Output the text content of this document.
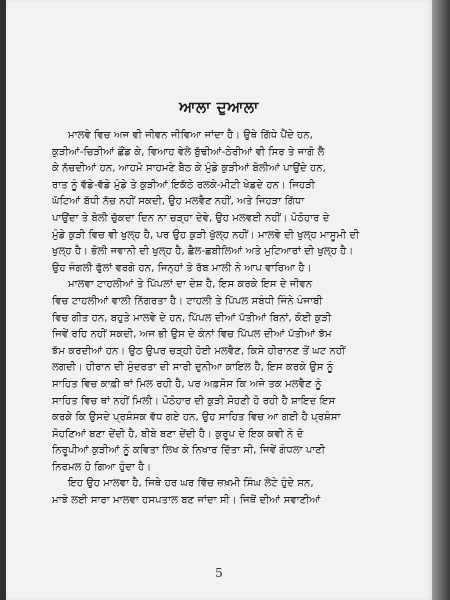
ਆਲਾ ਦੁਆਲਾ

ਮਾਲਵੇ ਵਿਚ ਅਜ ਵੀ ਜੀਵਨ ਜੀਵਿਆ ਜਾਂਦਾ ਹੈ। ਉਥੇ ਗਿੱਧੇ ਪੈਂਦੇ ਹਨ,
ਕੁੜੀਆਂ-ਚਿੜੀਆਂ ਛੌਂਡ ਕੇ, ਵਿਆਹ ਵੇਲੇ ਬੁੱਢੀਆਂ-ਠੇਰੀਆਂ ਵੀ ਸਿਰ ਤੇ ਜਾਗੋ ਲੈ
ਕੇ ਨੱਚਦੀਆਂ ਹਨ, ਆਹਮੋ ਸਾਹਮਣੇ ਬੈਠ ਕੇ ਮੁੰਡੇ ਕੁੜੀਆਂ ਬੋਲੀਆਂ ਪਾਉਂਦੇ ਹਨ,
ਰਾਤ ਨੂੰ ਵੱਡੇ-ਵੱਡੇ ਮੁੰਡੇ ਤੇ ਕੁੜੀਆਂ ਇਕੱਠੇ ਰਲਕੇ-ਮੀਟੀ ਖੇਡਦੇ ਹਨ। ਜਿਹੜੀ
ਘੱਟਿਆਂ ਬੱਧੀ ਨੱਚ ਨਹੀਂ ਸਕਦੀ, ਉਹ ਮਲਵੈਣ ਨਹੀਂ, ਅਤੇ ਜਿਹੜਾ ਗਿੱਧਾ
ਪਾਉਂਦਾ ਤੇ ਬੋਲੀ ਚੁੱਕਦਾ ਦਿਨ ਨਾ ਚੜ੍ਹਾ ਦੇਵੇ, ਉਹ ਮਲਵਈ ਨਹੀਂ। ਪੋਠੋਹਾਰ ਦੇ
ਮੁੰਡੇ ਕੁੜੀ ਵਿਚ ਵੀ ਖੁਲ੍ਹ ਹੈ, ਪਰ ਉਹ ਕੁੜੀ ਖੁੱਲ੍ਹ ਨਹੀਂ। ਮਾਲਵੇ ਦੀ ਖੁਲ੍ਹ ਮਾਸੂਮੀ ਦੀ
ਖੁਲ੍ਹ ਹੈ। ਭੋਲੀ ਜਵਾਨੀ ਦੀ ਖੁਲ੍ਹ ਹੈ, ਛੈਲ-ਛਬੀਲਿਆਂ ਅਤੇ ਮੁਟਿਆਰਾਂ ਦੀ ਖੁਲ੍ਹ ਹੈ।
ਉਹ ਜੰਗਲੀ ਫੁੱਲਾਂ ਵਰਗੇ ਹਨ, ਜਿਨ੍ਹਾਂ ਤੇ ਰੱਬ ਮਾਲੀ ਨੇ ਆਪ ਵਾਰਿਆ ਹੈ।

ਮਾਲਵਾ ਟਾਹਲੀਆਂ ਤੇ ਪਿੱਪਲਾਂ ਦਾ ਦੇਸ਼ ਹੈ, ਇਸ ਕਰਕੇ ਇਸ ਦੇ ਜੀਵਨ
ਵਿਚ ਟਾਹਲੀਆਂ ਵਾਲੀ ਨਿੱਗਰਤਾ ਹੈ। ਟਾਹਲੀ ਤੇ ਪਿੱਪਲ ਸਬੰਧੀ ਜਿੰਨੇ ਪੰਜਾਬੀ
ਵਿਚ ਗੀਤ ਹਨ, ਬਹੁਤੇ ਮਾਲਵੇ ਦੇ ਹਨ, ਪਿੱਪਲ ਦੀਆਂ ਪੱਤੀਆਂ ਬਿਨਾਂ, ਕੋਈ ਕੁੜੀ
ਜਿਵੇਂ ਰਹਿ ਨਹੀਂ ਸਕਦੀ, ਅਜ ਭੀ ਉਸ ਦੇ ਕੰਨਾਂ ਵਿਚ ਪਿੱਪਲ ਦੀਆਂ ਪੱਤੀਆਂ ਝੱਮ
ਝੱਮ ਕਰਦੀਆਂ ਹਨ। ਉਠ ਉਪਰ ਚੜ੍ਹੀ ਹੋਈ ਮਲਵੈਣ, ਕਿਸੇ ਹੀਰਾਨਣ ਤੋਂ ਘਟ ਨਹੀਂ
ਲਗਦੀ। ਹੀਰਾਨ ਦੀ ਸੁੰਦਰਤਾ ਦੀ ਸਾਰੀ ਦੁਨੀਆ ਕਾਇਲ ਹੈ, ਇਸ ਕਰਕੇ ਉਸ ਨੂੰ
ਸਾਹਿਤ ਵਿਚ ਕਾਫ਼ੀ ਥਾਂ ਮਿਲ ਰਹੀ ਹੈ, ਪਰ ਅਫ਼ਸੋਸ ਕਿ ਅਜੇ ਤਕ ਮਲਵੈਣ ਨੂੰ
ਸਾਹਿਤ ਵਿਚ ਥਾਂ ਨਹੀਂ ਮਿਲੀ। ਪੋਠੋਹਾਰ ਦੀ ਕੁੜੀ ਸੋਹਣੀ ਹੋ ਰਹੀ ਹੈ ਸ਼ਾਇਦ ਇਸ
ਕਰਕੇ ਕਿ ਉਸਦੇ ਪ੍ਰਸ਼ੰਸਕ ਵੱਧ ਗਏ ਹਨ, ਉਹ ਸਾਹਿਤ ਵਿਚ ਆ ਗਈ ਹੈ ਪ੍ਰਸ਼ੰਸਾ
ਸੋਹਣਿਆਂ ਬਣਾ ਦੇਂਦੀ ਹੈ, ਬੀਬੇ ਬਣਾ ਦੇਂਦੀ ਹੈ। ਕੁਰੂਪ ਦੇ ਇਕ ਕਵੀ ਨੇ ਦੋ
ਨਿਰੂਪੀਆਂ ਕੁੜੀਆਂ ਨੂੰ ਕਵਿਤਾ ਲਿਖ ਕੇ ਨਿਖਾਰ ਦਿੱਤਾ ਸੀ, ਜਿਵੇਂ ਗੰਧਲਾ ਪਾਣੀ
ਨਿਰਮਲ ਹੋ ਗਿਆ ਹੁੰਦਾ ਹੈ।

ਇਹ ਉਹ ਮਾਲਵਾ ਹੈ, ਜਿਥੇ ਹਰ ਘਰ ਵਿੱਚ ਜ਼ਖ਼ਮੀ ਸਿੰਘ ਲੇਟੇ ਹੁੰਦੇ ਸਨ,
ਮਾਝੇ ਲਈ ਸਾਰਾ ਮਾਲਵਾ ਹਸਪਤਾਲ ਬਣ ਜਾਂਦਾ ਸੀ। ਜਿਥੋਂ ਦੀਆਂ ਸਵਾਣੀਆਂ

5
